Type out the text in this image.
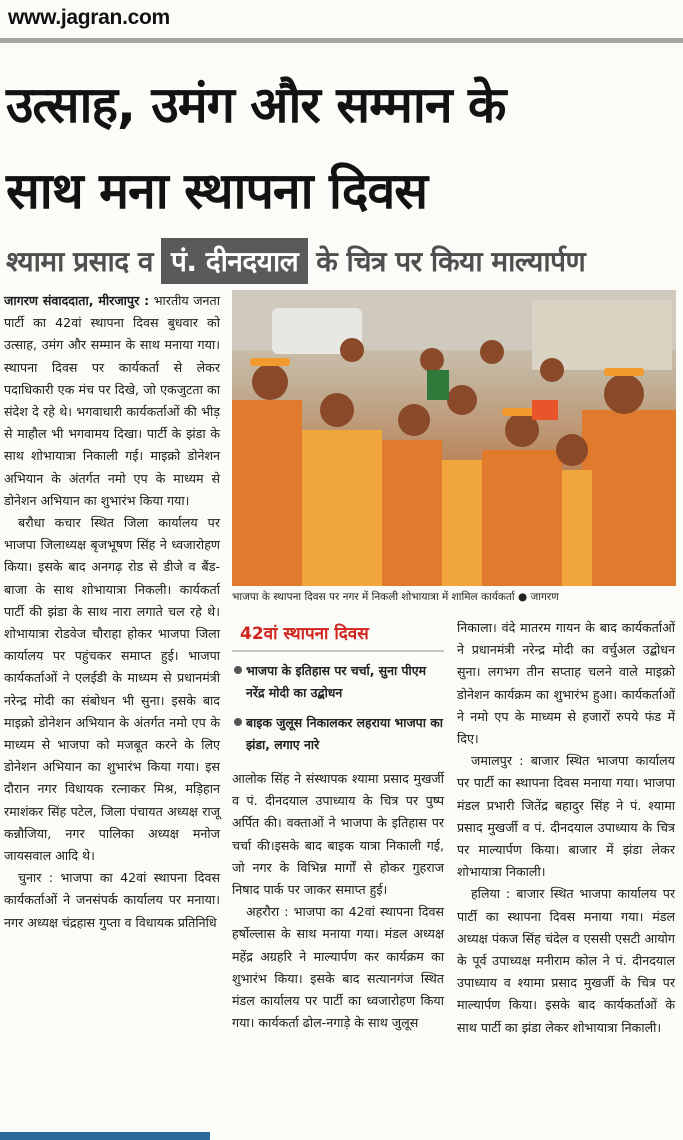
www.jagran.com
उत्साह, उमंग और सम्मान के
साथ मना स्थापना दिवस
श्यामा प्रसाद व पं. दीनदयाल के चित्र पर किया माल्यार्पण

जागरण संवाददाता, मीरजापुर : भारतीय जनता पार्टी का 42वां स्थापना दिवस बुधवार को उत्साह, उमंग और सम्मान के साथ मनाया गया। स्थापना दिवस पर कार्यकर्ता से लेकर पदाधिकारी एक मंच पर दिखे, जो एकजुटता का संदेश दे रहे थे। भगवाधारी कार्यकर्ताओं की भीड़ से माहौल भी भगवामय दिखा। पार्टी के झंडा के साथ शोभायात्रा निकाली गई। माइक्रो डोनेशन अभियान के अंतर्गत नमो एप के माध्यम से डोनेशन अभियान का शुभारंभ किया गया।

बरौधा कचार स्थित जिला कार्यालय पर भाजपा जिलाध्यक्ष बृजभूषण सिंह ने ध्वजारोहण किया। इसके बाद अनगढ़ रोड से डीजे व बैंड-बाजा के साथ शोभायात्रा निकली। कार्यकर्ता पार्टी की झंडा के साथ नारा लगाते चल रहे थे। शोभायात्रा रोडवेज चौराहा होकर भाजपा जिला कार्यालय पर पहुंचकर समाप्त हुई। भाजपा कार्यकर्ताओं ने एलईडी के माध्यम से प्रधानमंत्री नरेन्द्र मोदी का संबोधन भी सुना। इसके बाद माइक्रो डोनेशन अभियान के अंतर्गत नमो एप के माध्यम से भाजपा को मजबूत करने के लिए डोनेशन अभियान का शुभारंभ किया गया। इस दौरान नगर विधायक रत्नाकर मिश्र, मड़िहान रमाशंकर सिंह पटेल, जिला पंचायत अध्यक्ष राजू कन्नौजिया, नगर पालिका अध्यक्ष मनोज जायसवाल आदि थे।

चुनार : भाजपा का 42वां स्थापना दिवस कार्यकर्ताओं ने जनसंपर्क कार्यालय पर मनाया। नगर अध्यक्ष चंद्रहास गुप्ता व विधायक प्रतिनिधि

भाजपा के स्थापना दिवस पर नगर में निकली शोभायात्रा में शामिल कार्यकर्ता ● जागरण
42वां स्थापना दिवस
भाजपा के इतिहास पर चर्चा, सुना पीएम नरेंद्र मोदी का उद्बोधन
बाइक जुलूस निकालकर लहराया भाजपा का झंडा, लगाए नारे

आलोक सिंह ने संस्थापक श्यामा प्रसाद मुखर्जी व पं. दीनदयाल उपाध्याय के चित्र पर पुष्प अर्पित की। वक्ताओं ने भाजपा के इतिहास पर चर्चा की।इसके बाद बाइक यात्रा निकाली गई, जो नगर के विभिन्न मार्गों से होकर गुहराज निषाद पार्क पर जाकर समाप्त हुई।

अहरौरा : भाजपा का 42वां स्थापना दिवस हर्षोल्लास के साथ मनाया गया। मंडल अध्यक्ष महेंद्र अग्रहरि ने माल्यार्पण कर कार्यक्रम का शुभारंभ किया। इसके बाद सत्यानगंज स्थित मंडल कार्यालय पर पार्टी का ध्वजारोहण किया गया। कार्यकर्ता ढोल-नगाड़े के साथ जुलूस

निकाला। वंदे मातरम गायन के बाद कार्यकर्ताओं ने प्रधानमंत्री नरेन्द्र मोदी का वर्चुअल उद्बोधन सुना। लगभग तीन सप्ताह चलने वाले माइक्रो डोनेशन कार्यक्रम का शुभारंभ हुआ। कार्यकर्ताओं ने नमो एप के माध्यम से हजारों रुपये फंड में दिए।

जमालपुर : बाजार स्थित भाजपा कार्यालय पर पार्टी का स्थापना दिवस मनाया गया। भाजपा मंडल प्रभारी जितेंद्र बहादुर सिंह ने पं. श्यामा प्रसाद मुखर्जी व पं. दीनदयाल उपाध्याय के चित्र पर माल्यार्पण किया। बाजार में झंडा लेकर शोभायात्रा निकाली।

हलिया : बाजार स्थित भाजपा कार्यालय पर पार्टी का स्थापना दिवस मनाया गया। मंडल अध्यक्ष पंकज सिंह चंदेल व एससी एसटी आयोग के पूर्व उपाध्यक्ष मनीराम कोल ने पं. दीनदयाल उपाध्याय व श्यामा प्रसाद मुखर्जी के चित्र पर माल्यार्पण किया। इसके बाद कार्यकर्ताओं के साथ पार्टी का झंडा लेकर शोभायात्रा निकाली।
